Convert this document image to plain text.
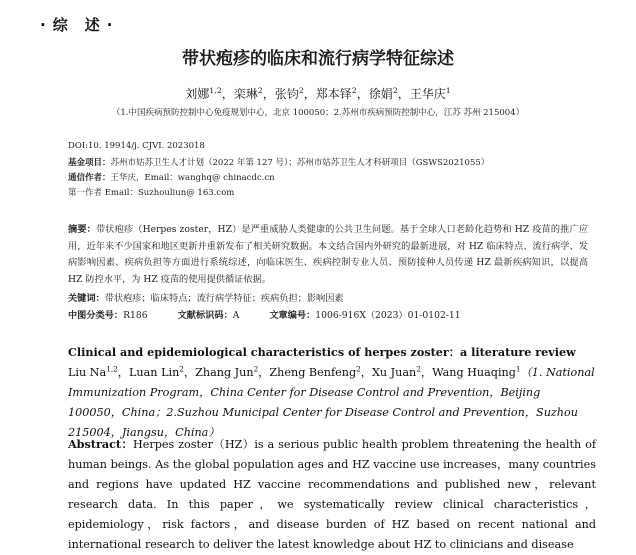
· 综　述 ·
带状疱疹的临床和流行病学特征综述
刘娜$^{1,2}$，栾琳$^2$，张钧$^2$，郑本铎$^2$，徐娟$^2$，王华庆$^1$
（1.中国疾病预防控制中心免疫规划中心，北京 100050；2.苏州市疾病预防控制中心，江苏 苏州 215004）
DOI:10. 19914/j. CJVI. 2023018
基金项目：苏州市姑苏卫生人才计划（2022 年第 127 号）；苏州市姑苏卫生人才科研项目（GSWS2021055）
通信作者：王华庆，Email：wanghq@ chinacdc.cn
第一作者 Email：Suzhouliun@ 163.com
摘要：带状疱疹（Herpes zoster，HZ）是严重威胁人类健康的公共卫生问题。基于全球人口老龄化趋势和 HZ 疫苗的推广应用，近年来不少国家和地区更新并重新发布了相关研究数据。本文结合国内外研究的最新进展，对 HZ 临床特点、流行病学、发病影响因素、疾病负担等方面进行系统综述，向临床医生、疾病控制专业人员、预防接种人员传递 HZ 最新疾病知识，以提高 HZ 防控水平，为 HZ 疫苗的使用提供循证依据。
关键词：带状疱疹；临床特点；流行病学特征；疾病负担；影响因素
中图分类号：R186	文献标识码：A	文章编号：1006-916X（2023）01-0102-11
Clinical and epidemiological characteristics of herpes zoster：a literature review   Liu Na$^{1,2}$，Luan Lin$^2$，Zhang Jun$^2$，Zheng Benfeng$^2$，Xu Juan$^2$，Wang Huaqing$^1$（1. National Immunization Program，China Center for Disease Control and Prevention，Beijing 100050，China；2.Suzhou Municipal Center for Disease Control and Prevention，Suzhou 215004，Jiangsu，China）
Abstract：Herpes zoster（HZ）is a serious public health problem threatening the health of human beings. As the global population ages and HZ vaccine use increases，many countries and regions have updated HZ vaccine recommendations and published new，relevant research data. In this paper，we systematically review clinical characteristics，epidemiology，risk factors，and disease burden of HZ based on recent national and international research to deliver the latest knowledge about HZ to clinicians and disease
